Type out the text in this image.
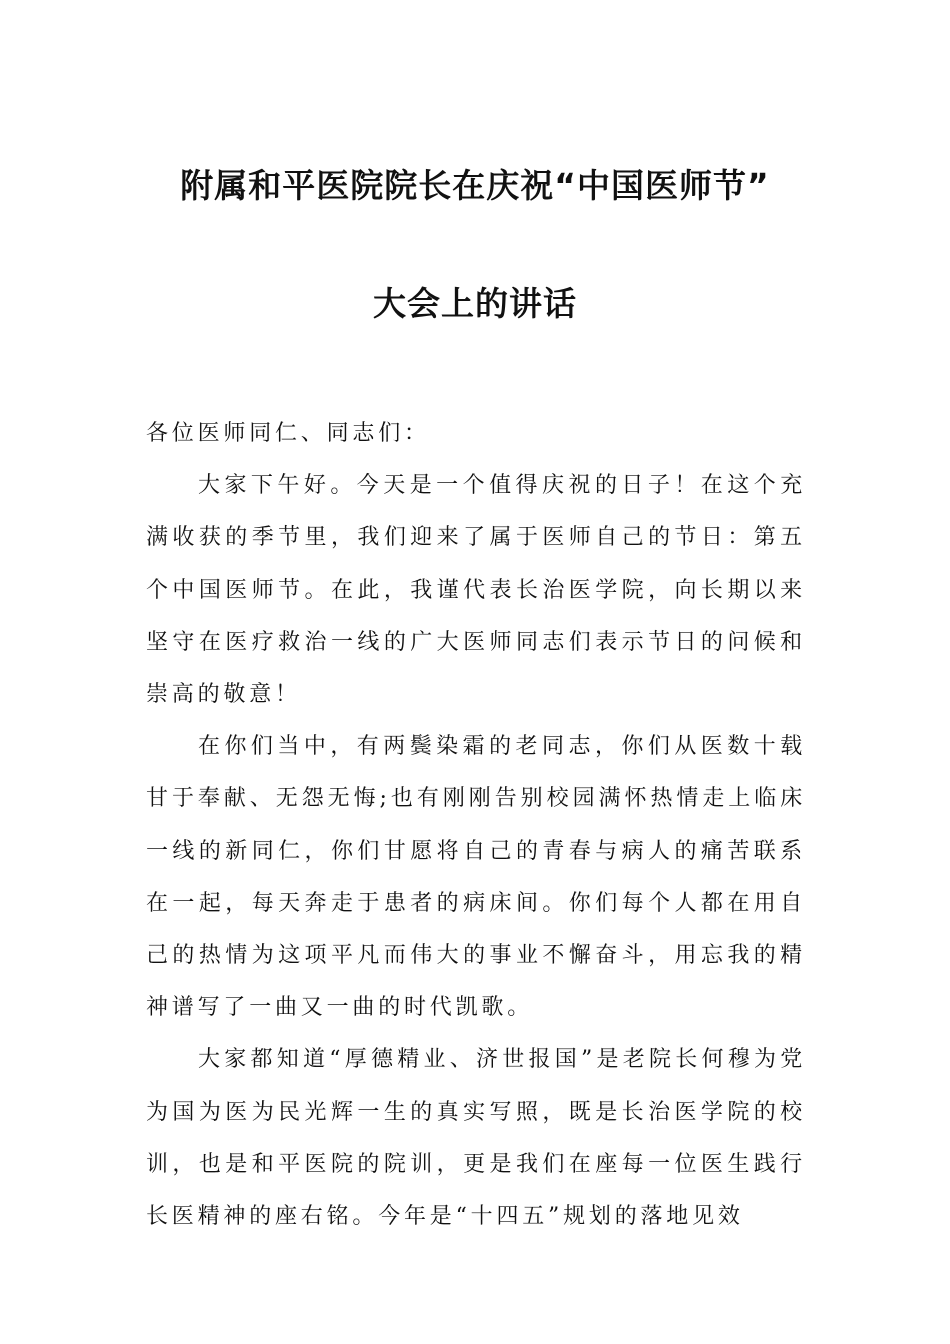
附属和平医院院长在庆祝“中国医师节”
大会上的讲话

各位医师同仁、同志们：

大家下午好。今天是一个值得庆祝的日子！在这个充满收获的季节里，我们迎来了属于医师自己的节日：第五个中国医师节。在此，我谨代表长治医学院，向长期以来坚守在医疗救治一线的广大医师同志们表示节日的问候和崇高的敬意！

在你们当中，有两鬓染霜的老同志，你们从医数十载甘于奉献、无怨无悔;也有刚刚告别校园满怀热情走上临床一线的新同仁，你们甘愿将自己的青春与病人的痛苦联系在一起，每天奔走于患者的病床间。你们每个人都在用自己的热情为这项平凡而伟大的事业不懈奋斗，用忘我的精神谱写了一曲又一曲的时代凯歌。

大家都知道“厚德精业、济世报国”是老院长何穆为党为国为医为民光辉一生的真实写照，既是长治医学院的校训，也是和平医院的院训，更是我们在座每一位医生践行长医精神的座右铭。今年是“十四五”规划的落地见效
